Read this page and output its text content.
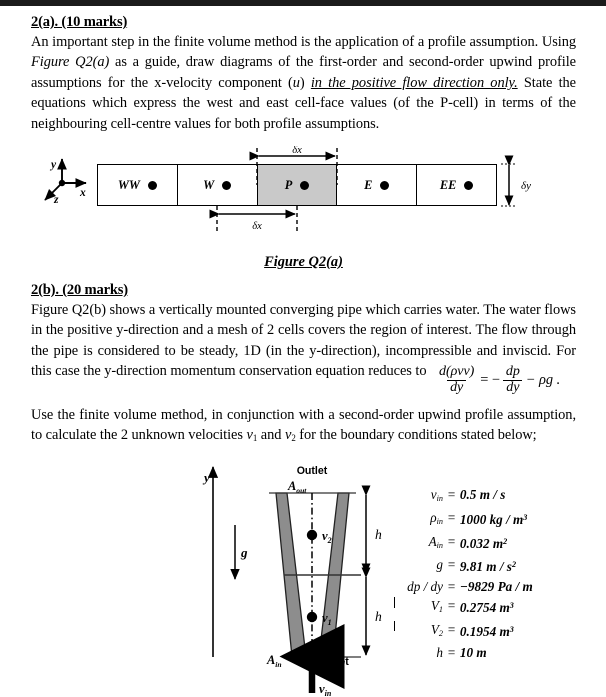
2(a). (10 marks)

An important step in the finite volume method is the application of a profile assumption. Using Figure Q2(a) as a guide, draw diagrams of the first-order and second-order upwind profile assumptions for the x-velocity component (u) in the positive flow direction only. State the equations which express the west and east cell-face values (of the P-cell) in terms of the neighbouring cell-centre values for both profile assumptions.

y
x
z
δx
δx
δy
WW	W	P	E	EE
Figure Q2(a)
2(b). (20 marks)

Figure Q2(b) shows a vertically mounted converging pipe which carries water. The water flows in the positive y-direction and a mesh of 2 cells covers the region of interest. The flow through the pipe is considered to be steady, 1D (in the y-direction), incompressible and inviscid. For this case the y-direction momentum conservation equation reduces to $\frac{\text{d(ρvv)}}{dy}$ = − $\frac{dp}{dy} - \rho g$ .

Use the finite volume method, in conjunction with a second-order upwind profile assumption, to calculate the 2 unknown velocities $v_1$ and $v_2$ for the boundary conditions stated below;

y
g
$v_2$
$v_1$
Outlet
$A_{out}$
$A_{in}$	Inlet
$v_{in}$
h
h
$v_{in} = 0.5$ m / s
$\rho_{in} = 1000$ kg / $m^3$
$A_{in} = 0.032$ $m^2$
g = 9.81 m / $s^2$
dp / dy = −9829 Pa / m
$V_1 = 0.2754$ $m^3$
$V_2 = 0.1954$ $m^3$
h = 10 m
